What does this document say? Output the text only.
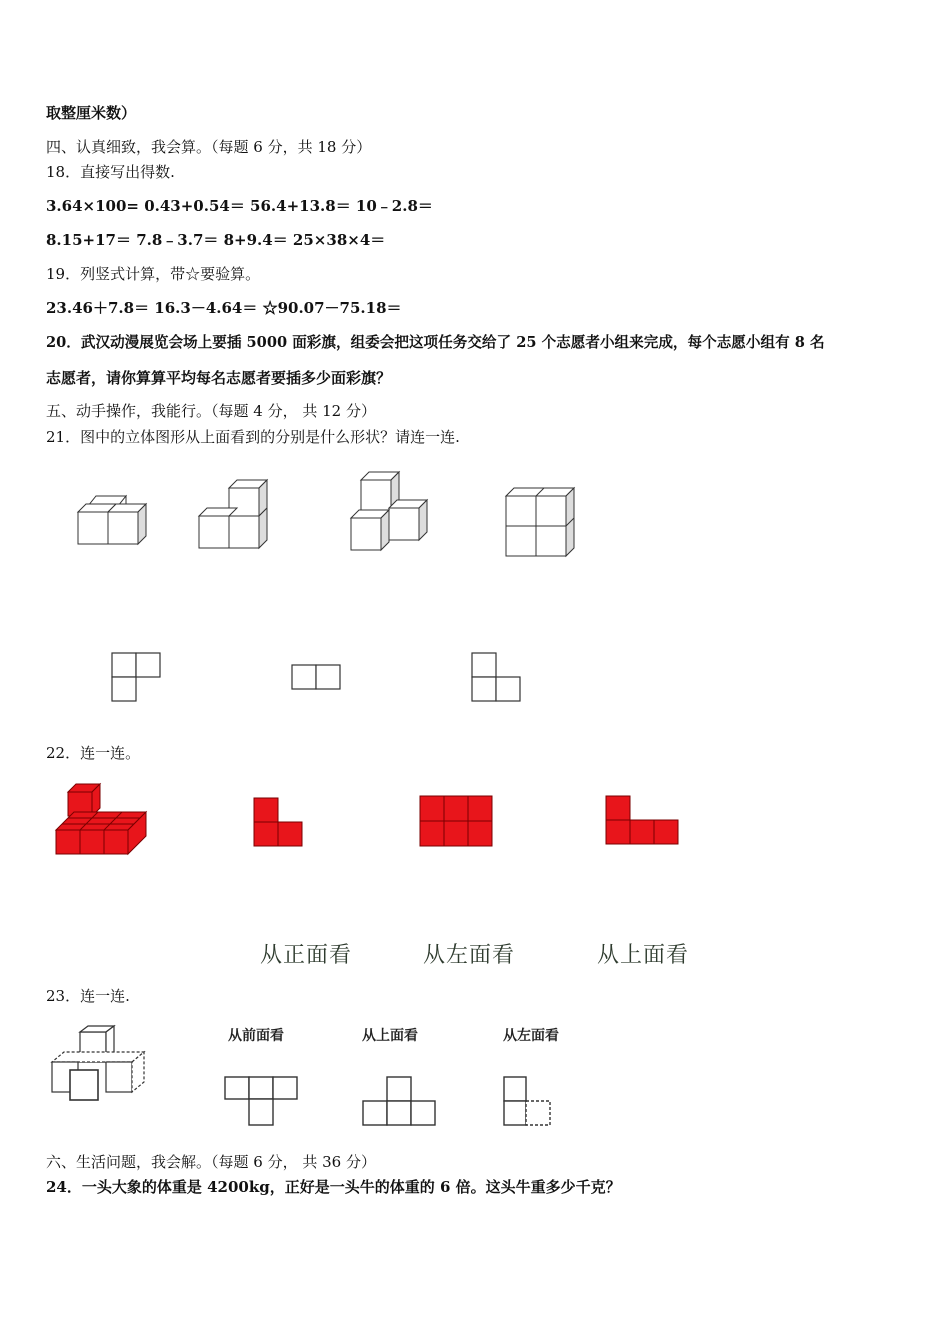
取整厘米数）
四、认真细致，我会算。（每题 6 分，共 18 分）
18．直接写出得数.
3.64×100= 0.43+0.54＝ 56.4+13.8＝ 10﹣2.8＝
8.15+17＝ 7.8﹣3.7＝ 8+9.4＝ 25×38×4＝
19．列竖式计算，带☆要验算。
23.46＋7.8＝ 16.3－4.64＝ ☆90.07－75.18＝
20．武汉动漫展览会场上要插 5000 面彩旗，组委会把这项任务交给了 25 个志愿者小组来完成，每个志愿小组有 8 名
志愿者，请你算算平均每名志愿者要插多少面彩旗？
五、动手操作，我能行。（每题 4 分， 共 12 分）
21．图中的立体图形从上面看到的分别是什么形状？请连一连.
22．连一连。
从正面看	从左面看	从上面看
23．连一连.
从前面看	从上面看	从左面看
六、生活问题，我会解。（每题 6 分， 共 36 分）
24．一头大象的体重是 4200kg，正好是一头牛的体重的 6 倍。这头牛重多少千克？
